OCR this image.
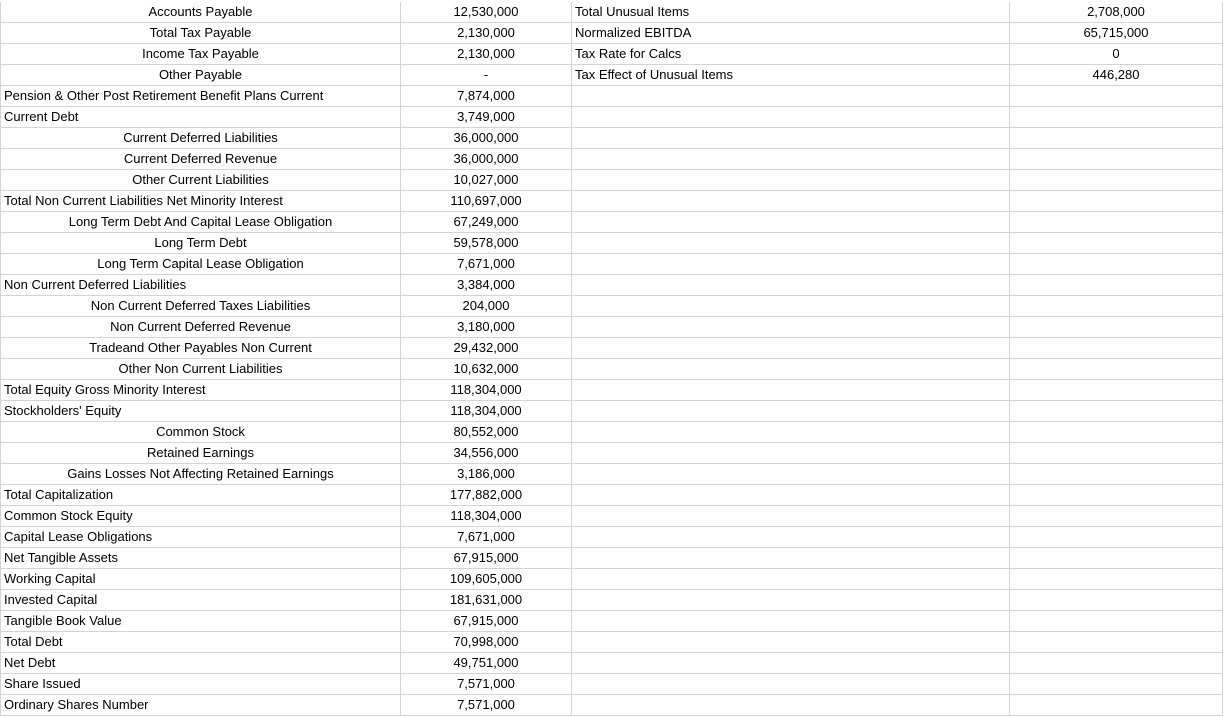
Accounts Payable	12,530,000	Total Unusual Items	2,708,000
Total Tax Payable	2,130,000	Normalized EBITDA	65,715,000
Income Tax Payable	2,130,000	Tax Rate for Calcs	0
Other Payable	-	Tax Effect of Unusual Items	446,280
Pension & Other Post Retirement Benefit Plans Current	7,874,000
Current Debt	3,749,000
Current Deferred Liabilities	36,000,000
Current Deferred Revenue	36,000,000
Other Current Liabilities	10,027,000
Total Non Current Liabilities Net Minority Interest	110,697,000
Long Term Debt And Capital Lease Obligation	67,249,000
Long Term Debt	59,578,000
Long Term Capital Lease Obligation	7,671,000
Non Current Deferred Liabilities	3,384,000
Non Current Deferred Taxes Liabilities	204,000
Non Current Deferred Revenue	3,180,000
Tradeand Other Payables Non Current	29,432,000
Other Non Current Liabilities	10,632,000
Total Equity Gross Minority Interest	118,304,000
Stockholders' Equity	118,304,000
Common Stock	80,552,000
Retained Earnings	34,556,000
Gains Losses Not Affecting Retained Earnings	3,186,000
Total Capitalization	177,882,000
Common Stock Equity	118,304,000
Capital Lease Obligations	7,671,000
Net Tangible Assets	67,915,000
Working Capital	109,605,000
Invested Capital	181,631,000
Tangible Book Value	67,915,000
Total Debt	70,998,000
Net Debt	49,751,000
Share Issued	7,571,000
Ordinary Shares Number	7,571,000
